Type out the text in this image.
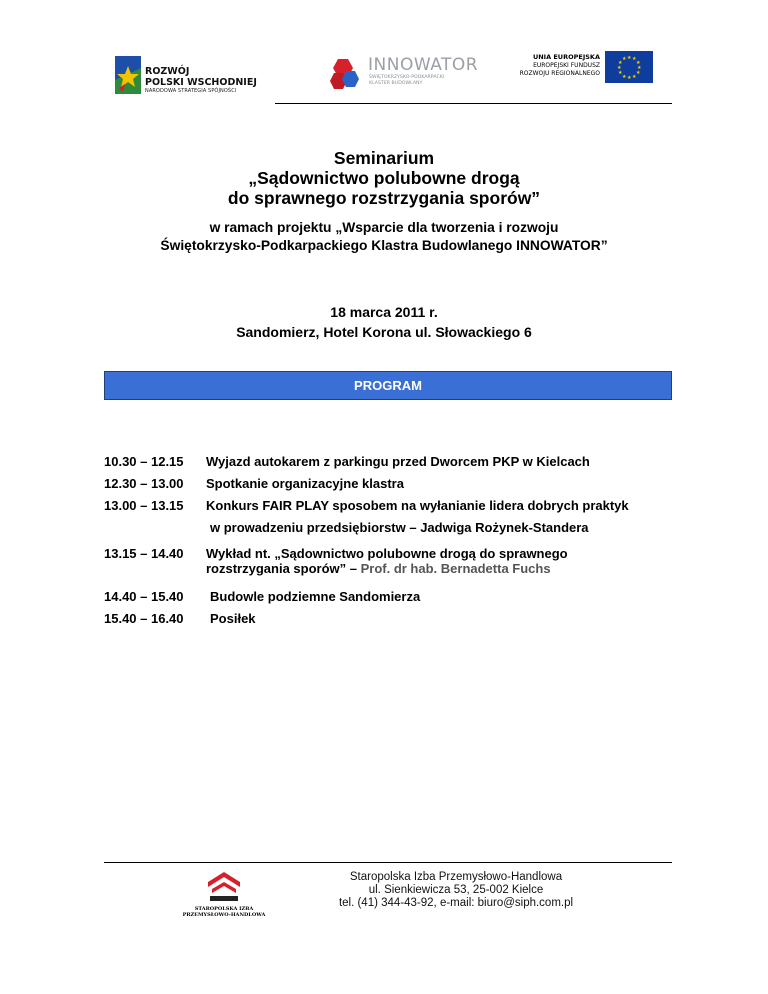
ROZWÓJ
POLSKI WSCHODNIEJ
NARODOWA STRATEGIA SPÓJNOŚCI
INNOWATOR
ŚWIĘTOKRZYSKO-PODKARPACKI
KLASTER BUDOWLANY
UNIA EUROPEJSKA
EUROPEJSKI FUNDUSZ
ROZWOJU REGIONALNEGO
★ ★
★
★
★
★
★
★
★
★
★
★
Seminarium
„Sądownictwo polubowne drogą
do sprawnego rozstrzygania sporów”
w ramach projektu „Wsparcie dla tworzenia i rozwoju
Świętokrzysko-Podkarpackiego Klastra Budowlanego INNOWATOR”
18 marca 2011 r.
Sandomierz, Hotel Korona ul. Słowackiego 6
PROGRAM
10.30 – 12.15 Wyjazd autokarem z parkingu przed Dworcem PKP w Kielcach
12.30 – 13.00 Spotkanie organizacyjne klastra
13.00 – 13.15 Konkurs FAIR PLAY sposobem na wyłanianie lidera dobrych praktyk
w prowadzeniu przedsiębiorstw – Jadwiga Rożynek-Standera
13.15 – 14.40 Wykład nt. „Sądownictwo polubowne drogą do sprawnego
rozstrzygania sporów” – Prof. dr hab. Bernadetta Fuchs
14.40 – 15.40 Budowle podziemne Sandomierza
15.40 – 16.40 Posiłek
STAROPOLSKA IZBA
PRZEMYSŁOWO-HANDLOWA
Staropolska Izba Przemysłowo-Handlowa
ul. Sienkiewicza 53, 25-002 Kielce
tel. (41) 344-43-92, e-mail: biuro@siph.com.pl
